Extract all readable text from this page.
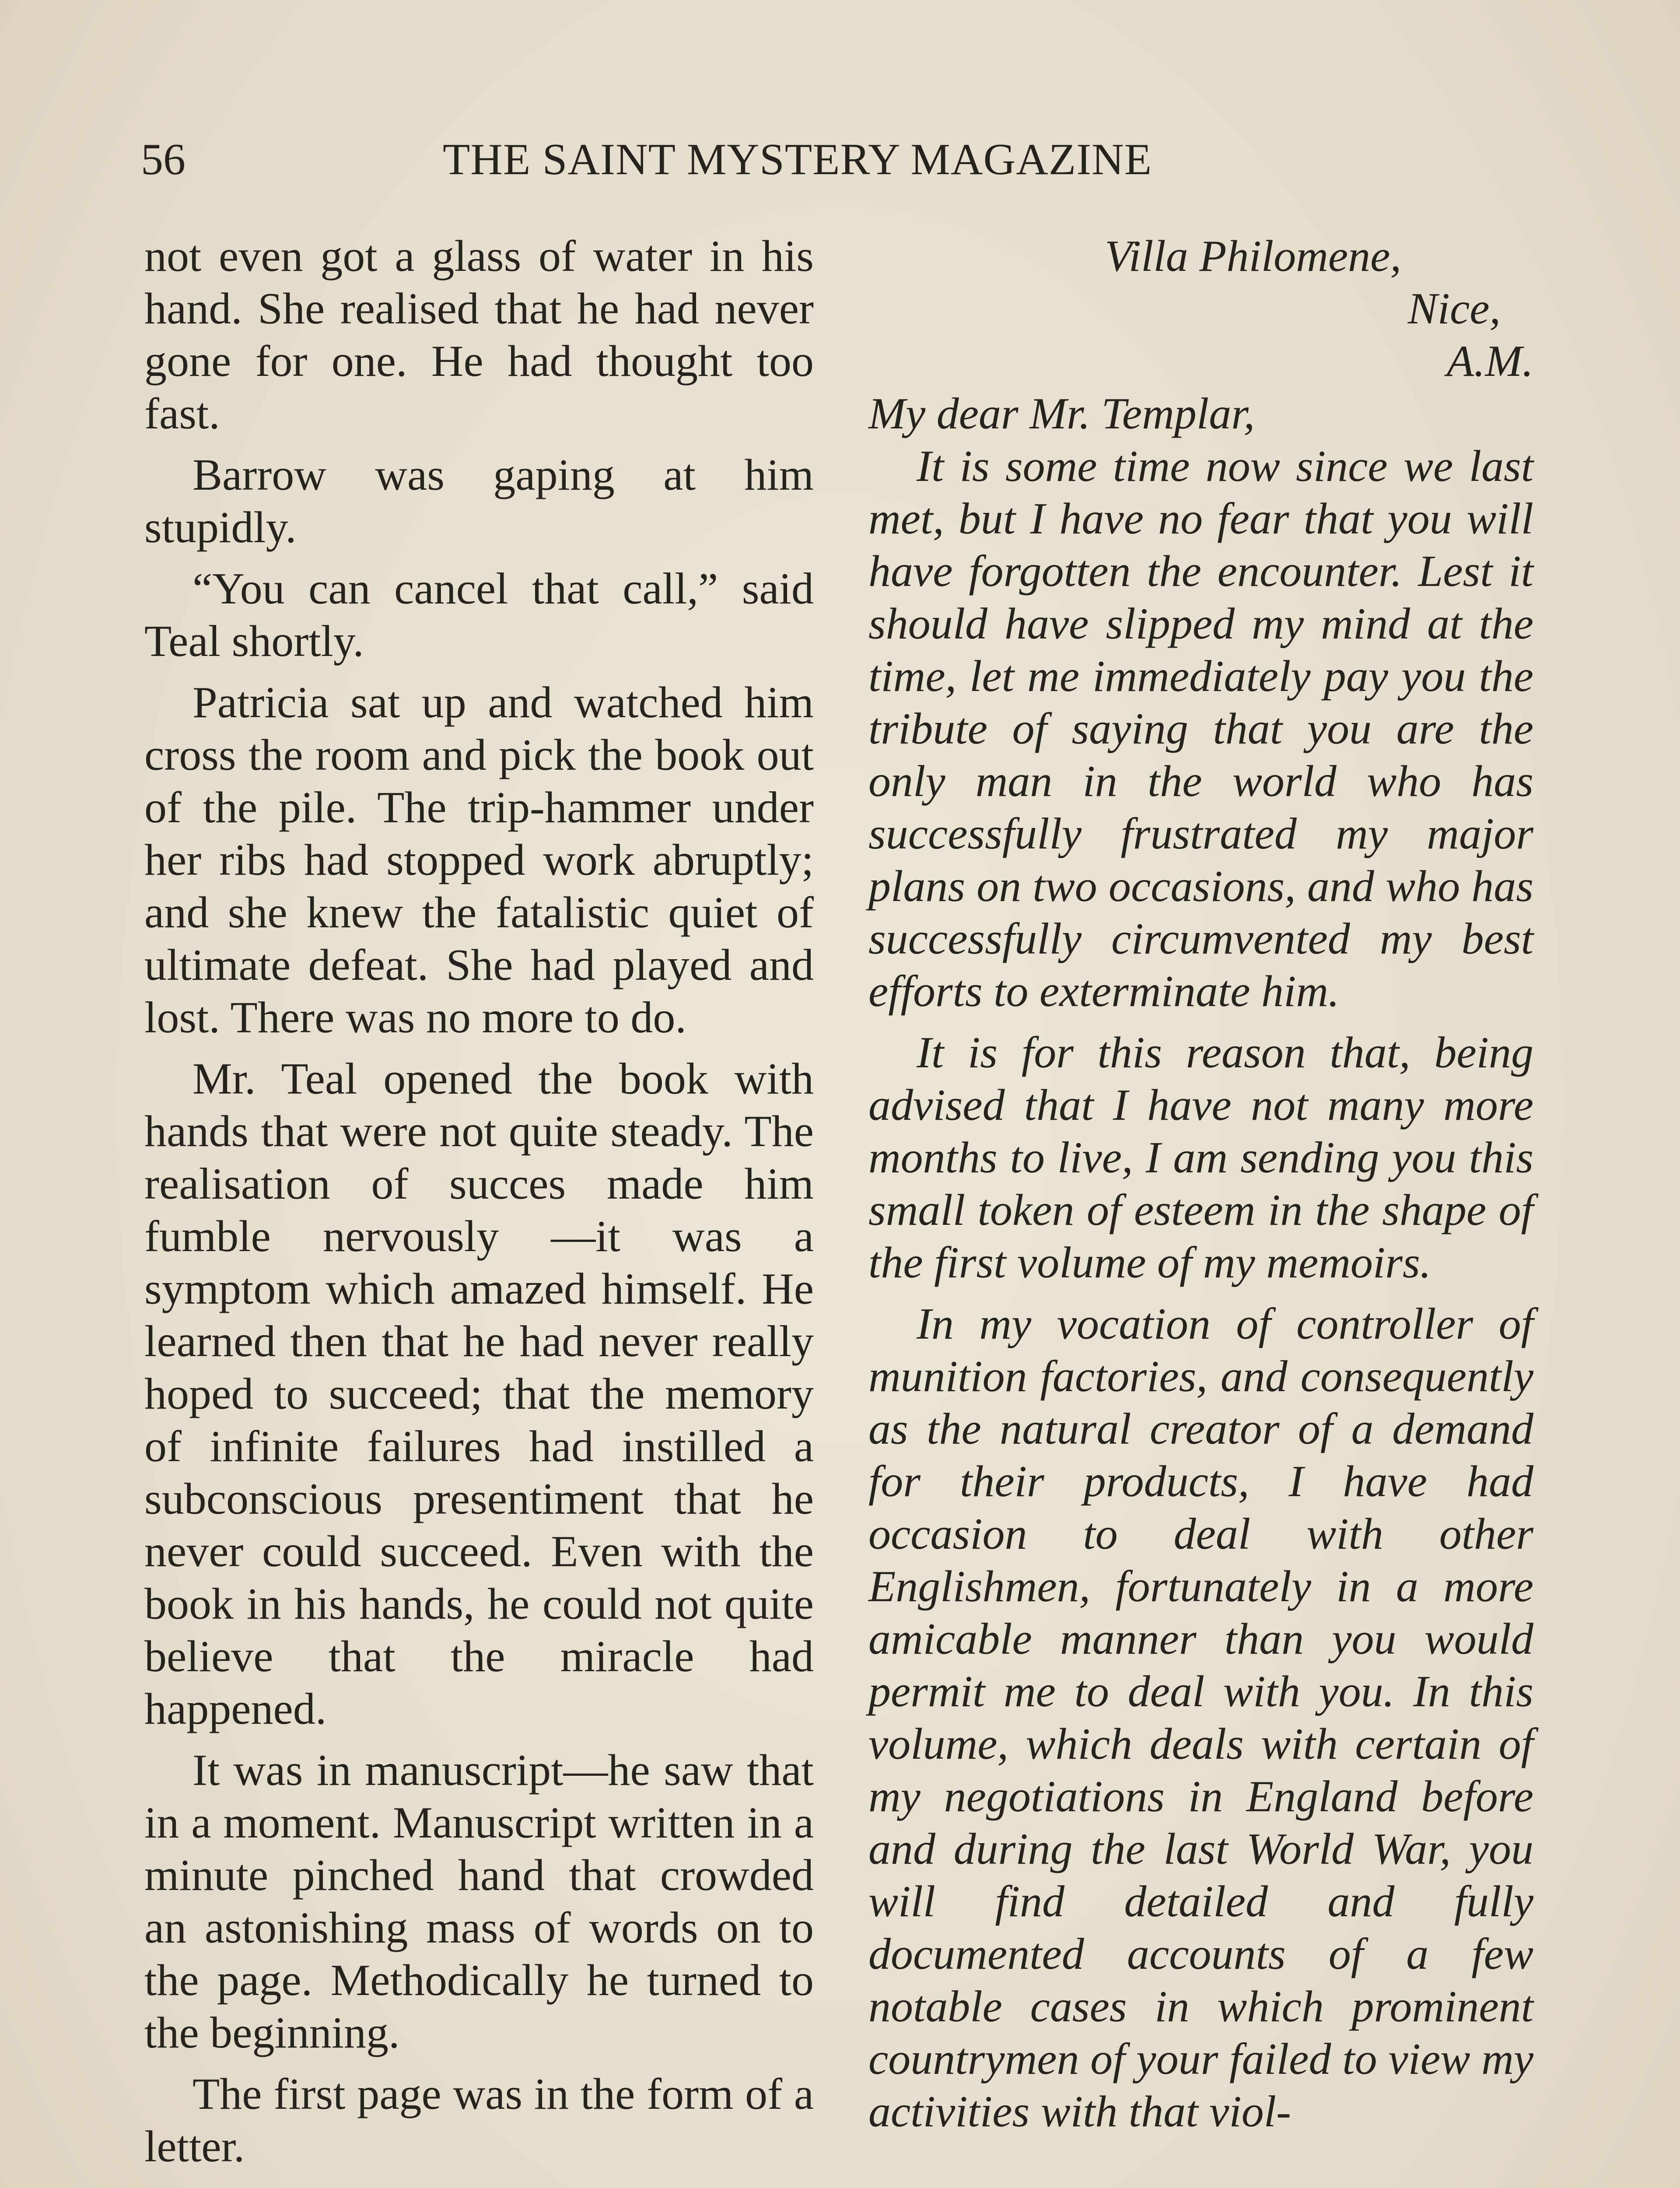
56	THE SAINT MYSTERY MAGAZINE

not even got a glass of water in his hand. She realised that he had never gone for one. He had thought too fast.

Barrow was gaping at him stupidly.

“You can cancel that call,” said Teal shortly.

Patricia sat up and watched him cross the room and pick the book out of the pile. The trip-hammer under her ribs had stopped work abruptly; and she knew the fatalistic quiet of ultimate defeat. She had played and lost. There was no more to do.

Mr. Teal opened the book with hands that were not quite steady. The realisation of succes made him fumble nervously —it was a symptom which amazed himself. He learned then that he had never really hoped to succeed; that the memory of infinite failures had instilled a subconscious presentiment that he never could succeed. Even with the book in his hands, he could not quite believe that the miracle had happened.

It was in manuscript—he saw that in a moment. Manuscript written in a minute pinched hand that crowded an astonishing mass of words on to the page. Methodically he turned to the beginning.

The first page was in the form of a letter.

Villa Philomene,
Nice,
A.M.
My dear Mr. Templar,

It is some time now since we last met, but I have no fear that you will have forgotten the encounter. Lest it should have slipped my mind at the time, let me immediately pay you the tribute of saying that you are the only man in the world who has successfully frustrated my major plans on two occasions, and who has successfully circumvented my best efforts to exterminate him.

It is for this reason that, being advised that I have not many more months to live, I am sending you this small token of esteem in the shape of the first volume of my memoirs.

In my vocation of controller of munition factories, and consequently as the natural creator of a demand for their products, I have had occasion to deal with other Englishmen, fortunately in a more amicable manner than you would permit me to deal with you. In this volume, which deals with certain of my negotiations in England before and during the last World War, you will find detailed and fully documented accounts of a few notable cases in which prominent countrymen of your failed to view my activities with that viol-
